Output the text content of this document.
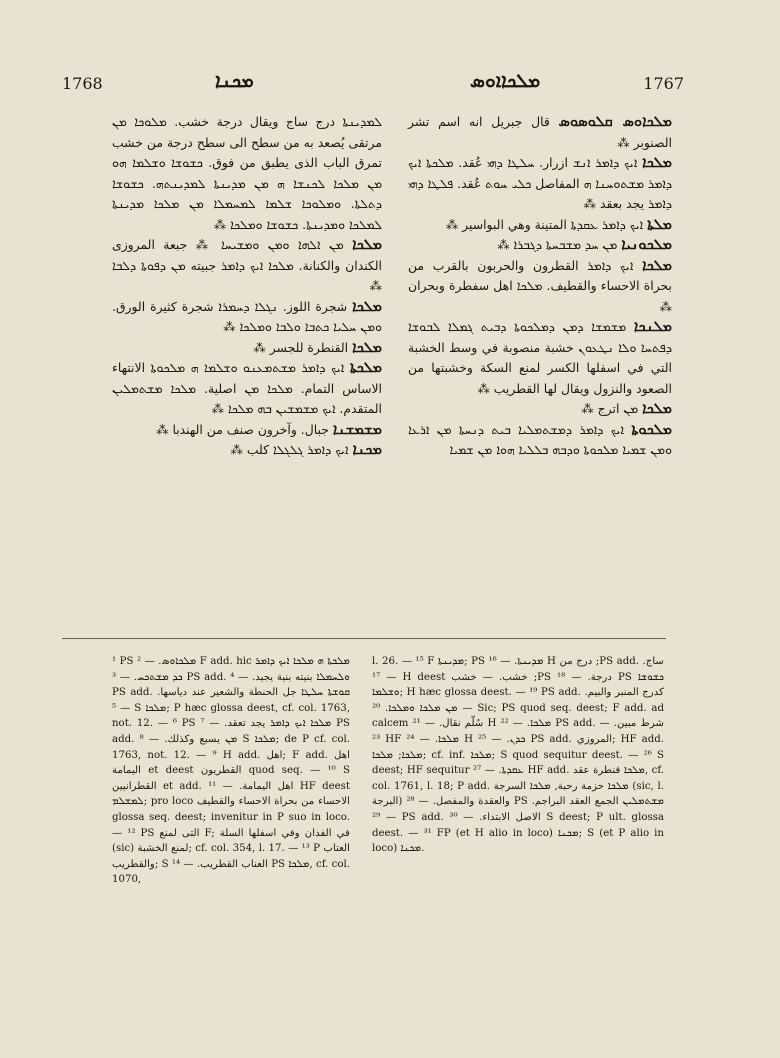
1768	ܡܟܢܐ	ܡܠܟܐܐܘܣ	1767
ܡܠܟܐܘܣ ܩܠܘܣܘܣ قال جبريل انه اسم تشر الصنوبر ⁂
ܡܠܟܐ ܐܝܟ ܕܐܡܪ ܐܢܫ ازرار. ܚܠܛܐ ܕܗܝ عُقد. ܡܠܟܬܐ ܐܝܟ ܕܐܡܪ ܡܫܬܘܚܢܐ ܗ المفاصل ܟܠܝ ܚܘܬ عُقد. ܦܠܛܐ ܕܗܝ ܕܐܡܪ يجد بعقد ⁂
ܡܠܬܐ ܐܝܟ ܕܐܡܪ ܥܩܕܬܐ المتينة وهي البواسير ⁂
ܡܠܟܘܢܝܐ ܡܢ ܚܕ ܡܫܒܚܬܐ ܕܓܒܪܐ ⁂
ܡܠܟܐ ܐܝܟ ܕܐܡܪ القطرون والحربون بالقرب من بحراة الاحساء والقطيف. ܡܠܟܐ اهل سفطرة وبحران ⁂
ܡܠܢܟܐ ܡܫܡܫܐ ܕܡܢ ܕܡܠܟܘܬܐ ܕܒܝܬ ܓܡܠܐ ܠܒܘܫܐ ܕܦܬܚܐ ܘܠܐ ܢܛܥܘܢ خشبة منصوبة في وسط الخشبة التي في اسفلها الكسر لمنع السكة وخشبتها من الصعود والنزول ويقال لها القطريب ⁂
ܡܠܟܐ ܡܢ اترج ⁂
ܡܠܟܘܬܐ ܐܝܟ ܕܐܡܪ ܕܡܫܬܡܠܝܐ ܒܝܬ ܕܢܚܬܐ ܡܢ ܐܪܥܐ ܘܡܢ ܫܡܝܐ ܡܠܟܘܬܐ ܘܕܒܗ ܒܠܠܝܐ ܗܘܐ ܡܢ ܫܡܝܐ
ܠܡܕܝܢܬܐ درج ساج ويقال درجة خشب. ܡܠܘܟܐ ܡܢ مرتقى يُصعد به من سطح الى سطح درجة من خشب تمرق الباب الذى يطبق من فوق. ܟܫܘܫܐ ܘܫܠܡܐ ܗܘ ܡܢ ܡܠܟܐ ܠܟܢܫܐ ܗ ܡܢ ܡܕܝܢܬܐ ܠܡܕܝܢܬܗ. ܟܫܘܫܐ ܕܬܠܬܐ. ܘܡܠܘܟܐ ܫܠܡܐ ܠܡܚܡܠܐ ܡܢ ܡܠܟܐ ܡܕܝܢܬܐ ܠܡܠܟܐ ܘܡܕܝܢܬܐ. ܟܫܘܫܐ ܘܡܠܟܐ ⁂
ܡܠܟܐ ܡܢ ܐܠܗܐ ܘܡܢ ܘܡܫܝܚܐ ⁂ جبعة المروزى الكندان والكنانة. ܡܠܟܐ ܐܝܟ ܕܐܡܪ جبيته ܡܢ ܕܦܘܬܐ ܕܠܒܐ ⁂
ܡܠܟܐ شجرة اللوز. ܢܓܠܐ ܕܚܡܪܐ شجرة كثيرة الورق. ܘܡܢ ܚܠܝܐ ܟܬܒܐ ܘܠܒܐ ܘܡܠܟܐ ⁂
ܡܠܟܐ القنطرة للجسر ⁂
ܡܠܟܬܐ ܐܝܟ ܕܐܡܪ ܡܫܬܡܥܢܘ ܘܫܠܡܐ ܗ ܡܠܟܘܬܐ الانتهاء الاساس التمام. ܡܠܟܐ ܡܢ اصلية. ܡܠܟܐ ܡܫܬܡܠܝܢ المتقدم. ܐܝܟ ܡܫܡܫܝܢ ܒܗ ܡܠܟܐ ⁂
ܡܫܡܫܢܐ جبال. وآخرون صنف من الهندبا ⁂
ܡܟܢܐ ܐܝܟ ܕܐܡܪ ܓܠܓܠܐ كلب ⁂
¹ PS ܡܠܟܐܘܣ. — ² F add. hic ܡܠܟܬܐ ܗ ܡܠܟܐ ܐܝܟ ܕܐܡܪ ܟܕ ܡܫܬܟܚ. — ³ PS add. ܘܠܚܡܠܐ بنيته بنية يجيد. — ⁴ PS add. ܩܘܫܬܐ ܚܠܛܐ جل الحنطة والشعير عند دياسها. — ⁵ S ܡܠܟܐ; P hæc glossa deest, cf. col. 1763, not. 12. — ⁶ PS ܡܠܟܐ ܐܝܟ ܕܐܡܪ يجد تعقد. — ⁷ PS add. ܡܢ يسبع وكذلك. — ⁸ S ܡܠܟܐ; de P cf. col. 1763, not. 12. — ⁹ H add. اهل; F add. اهل اليمامة et deest القطريون quod seq. — ¹⁰ S القطرانيين et add. اهل اليمامة. — ¹¹ HF deest ܠܡܫܠܡ; pro loco الاحساء من بحراة الاحساء والقطيف glossa seq. deest; invenitur in P suo in loco. — ¹² PS التى لمنع F; في الفدان وفي اسفلها السلة (sic) لمنع الخشبة; cf. col. 354, l. 17. — ¹³ P العتاب والقطريب; S العناب القطريب. — ¹⁴ PS ܡܠܟܐ, cf. col. 1070,
l. 26. — ¹⁵ F ܡܕܝܢܬܐ; PS ܡܕܝܢܬܐ. — ¹⁶ H درج من ;PS add. ساج. — ¹⁷ H deest خشب. — خشب ;PS درجة. — ¹⁸ PS ܟܫܘܫܐ ܘܫܠܡܐ; H hæc glossa deest. — ¹⁹ PS add. كدرج المنبر والبيم. — ܡܢ ܡܠܟܐ ܘܡܠܟܐ. ²⁰ Sic; PS quod seq. deest; F add. ad calcem سُلّم نقال. — ²¹ H ܡܠܟܐ. — ²² PS add. شرط مبين. — ²³ HF ܡܠܟܐ. — ²⁴ H ܟܕܢ. — ²⁵ PS add. المروزي; HF add. ܡܠܟܐ; ܡܠܟܐ; cf. inf. ܡܠܟܐ; S quod sequitur deest. — ²⁶ S deest; HF sequitur ܥܩܕܬܐ. — ²⁷ HF add. ܡܠܟܐ قنطرة عقد, cf. col. 1761, l. 18; P add. ܡܠܟܐ حزمة رحبة, ܡܠܟܐ السرجة (sic, l. البرجة) والعقدة والمفصل. — ²⁸ PS ܡܫܬܡܠܝܢ الجمع العقد البراجم. — ²⁹ PS add. الاصل الابتداء. — ³⁰ S deest; P ult. glossa deest. — ³¹ FP (et H alio in loco) ܡܟܢܐ; S (et P alio in loco) ܡܟܢܐ.
